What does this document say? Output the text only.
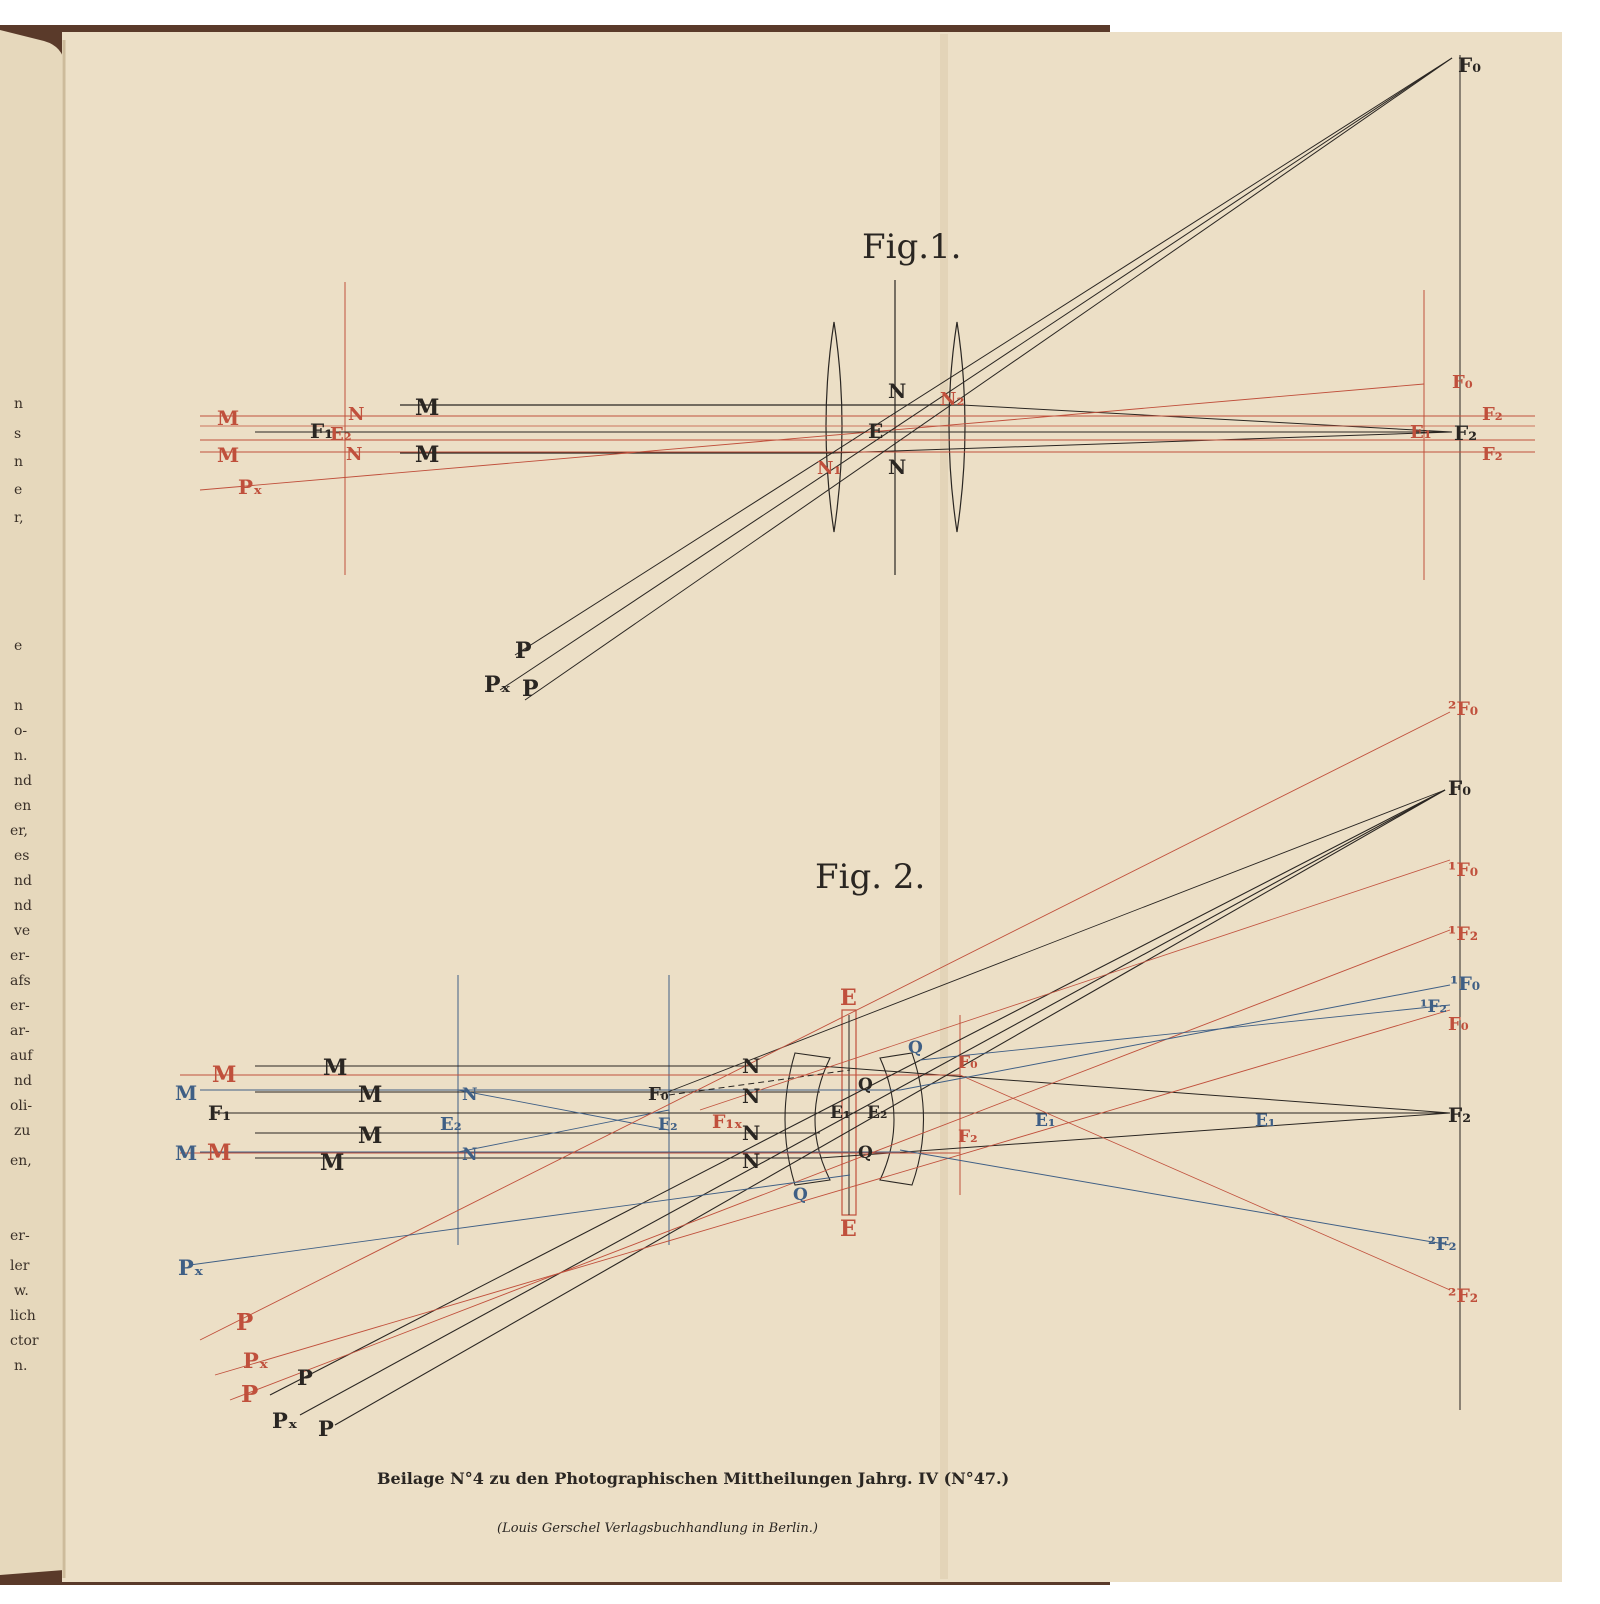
n
s
n
e
r,
e
n
o-
n.
nd
en
er,
es
nd
nd
ve
er-
afs
er-
ar-
auf
nd
oli-
zu
en,
er-
ler
w.
lich
ctor
n.
Fig.1.
F₀
F₀
F₂
F₂
F₂
E₁
M
M
N
N
F₁
E₂
M
M
N
N
E
N₂
N₁
Pₓ
P
Pₓ P
Fig. 2.
²F₀
F₀
¹F₀
¹F₂
¹F₀
¹F₂
F₀
F₂
²F₂
²F₂
E
E
Q
Q
Q
Q
F₀
F₂
E₁	E₁
E₁ E₂
M
M
M
M
M
M
M
M
F₁
N
N
E₂
F₀
F₂ F₁ₓ
N
N
N
N
Pₓ
P
Pₓ
P
P
Pₓ P
Beilage N°4 zu den Photographischen Mittheilungen Jahrg. IV (N°47.)
(Louis Gerschel Verlagsbuchhandlung in Berlin.)
